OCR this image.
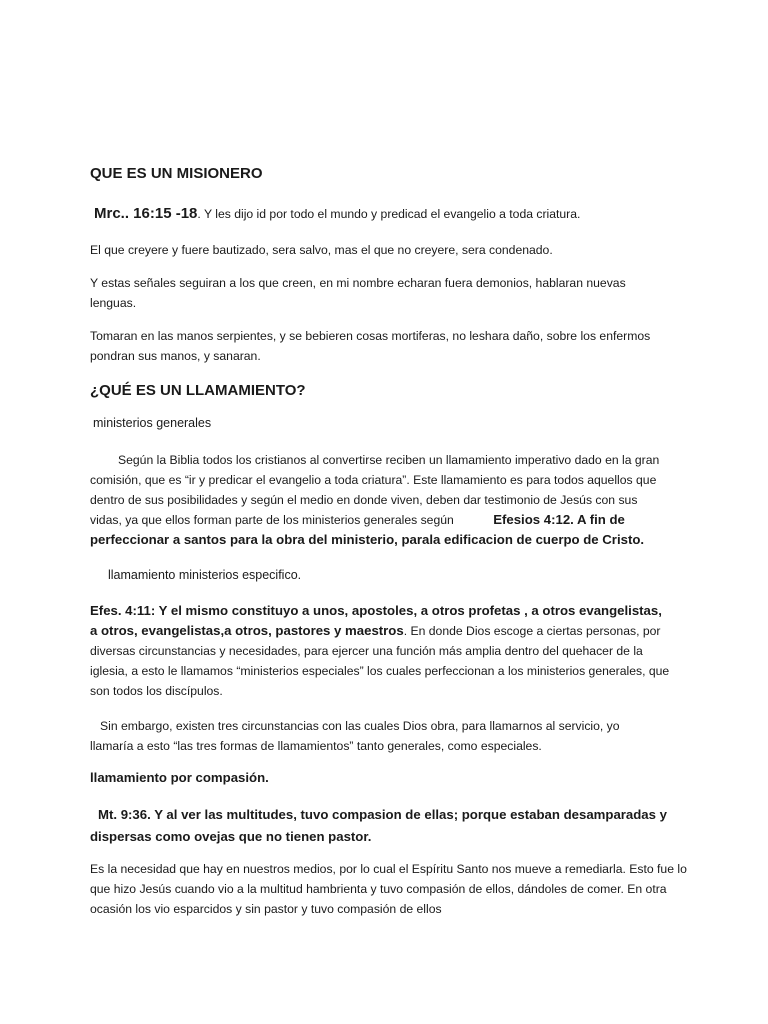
QUE ES UN MISIONERO
Mrc.. 16:15 -18. Y les dijo id por todo el mundo y predicad el evangelio a toda criatura.
El que creyere y fuere bautizado, sera salvo, mas el que no creyere, sera condenado.
Y estas señales seguiran a los que creen, en mi nombre echaran fuera demonios, hablaran nuevas lenguas.
Tomaran en las manos serpientes, y se bebieren cosas mortiferas, no leshara daño, sobre los enfermos pondran sus manos, y sanaran.
¿QUÉ ES UN LLAMAMIENTO?
ministerios generales
Según la Biblia todos los cristianos al convertirse reciben un llamamiento imperativo dado en la gran comisión, que es “ir y predicar el evangelio a toda criatura”. Este llamamiento es para todos aquellos que dentro de sus posibilidades y según el medio en donde viven, deben dar testimonio de Jesús con sus vidas, ya que ellos forman parte de los ministerios generales según	Efesios 4:12. A fin de perfeccionar a santos para la obra del ministerio, parala edificacion de cuerpo de Cristo.
llamamiento ministerios especifico.
Efes. 4:11: Y el mismo constituyo a unos, apostoles, a otros profetas , a otros evangelistas, a otros, evangelistas,a otros, pastores y maestros. En donde Dios escoge a ciertas personas, por diversas circunstancias y necesidades, para ejercer una función más amplia dentro del quehacer de la iglesia, a esto le llamamos “ministerios especiales” los cuales perfeccionan a los ministerios generales, que son todos los discípulos.
Sin embargo, existen tres circunstancias con las cuales Dios obra, para llamarnos al servicio, yo llamaría a esto “las tres formas de llamamientos” tanto generales, como especiales.
llamamiento por compasión.
Mt. 9:36. Y al ver las multitudes, tuvo compasion de ellas; porque estaban desamparadas y dispersas como ovejas que no tienen pastor.
Es la necesidad que hay en nuestros medios, por lo cual el Espíritu Santo nos mueve a remediarla. Esto fue lo que hizo Jesús cuando vio a la multitud hambrienta y tuvo compasión de ellos, dándoles de comer. En otra ocasión los vio esparcidos y sin pastor y tuvo compasión de ellos
